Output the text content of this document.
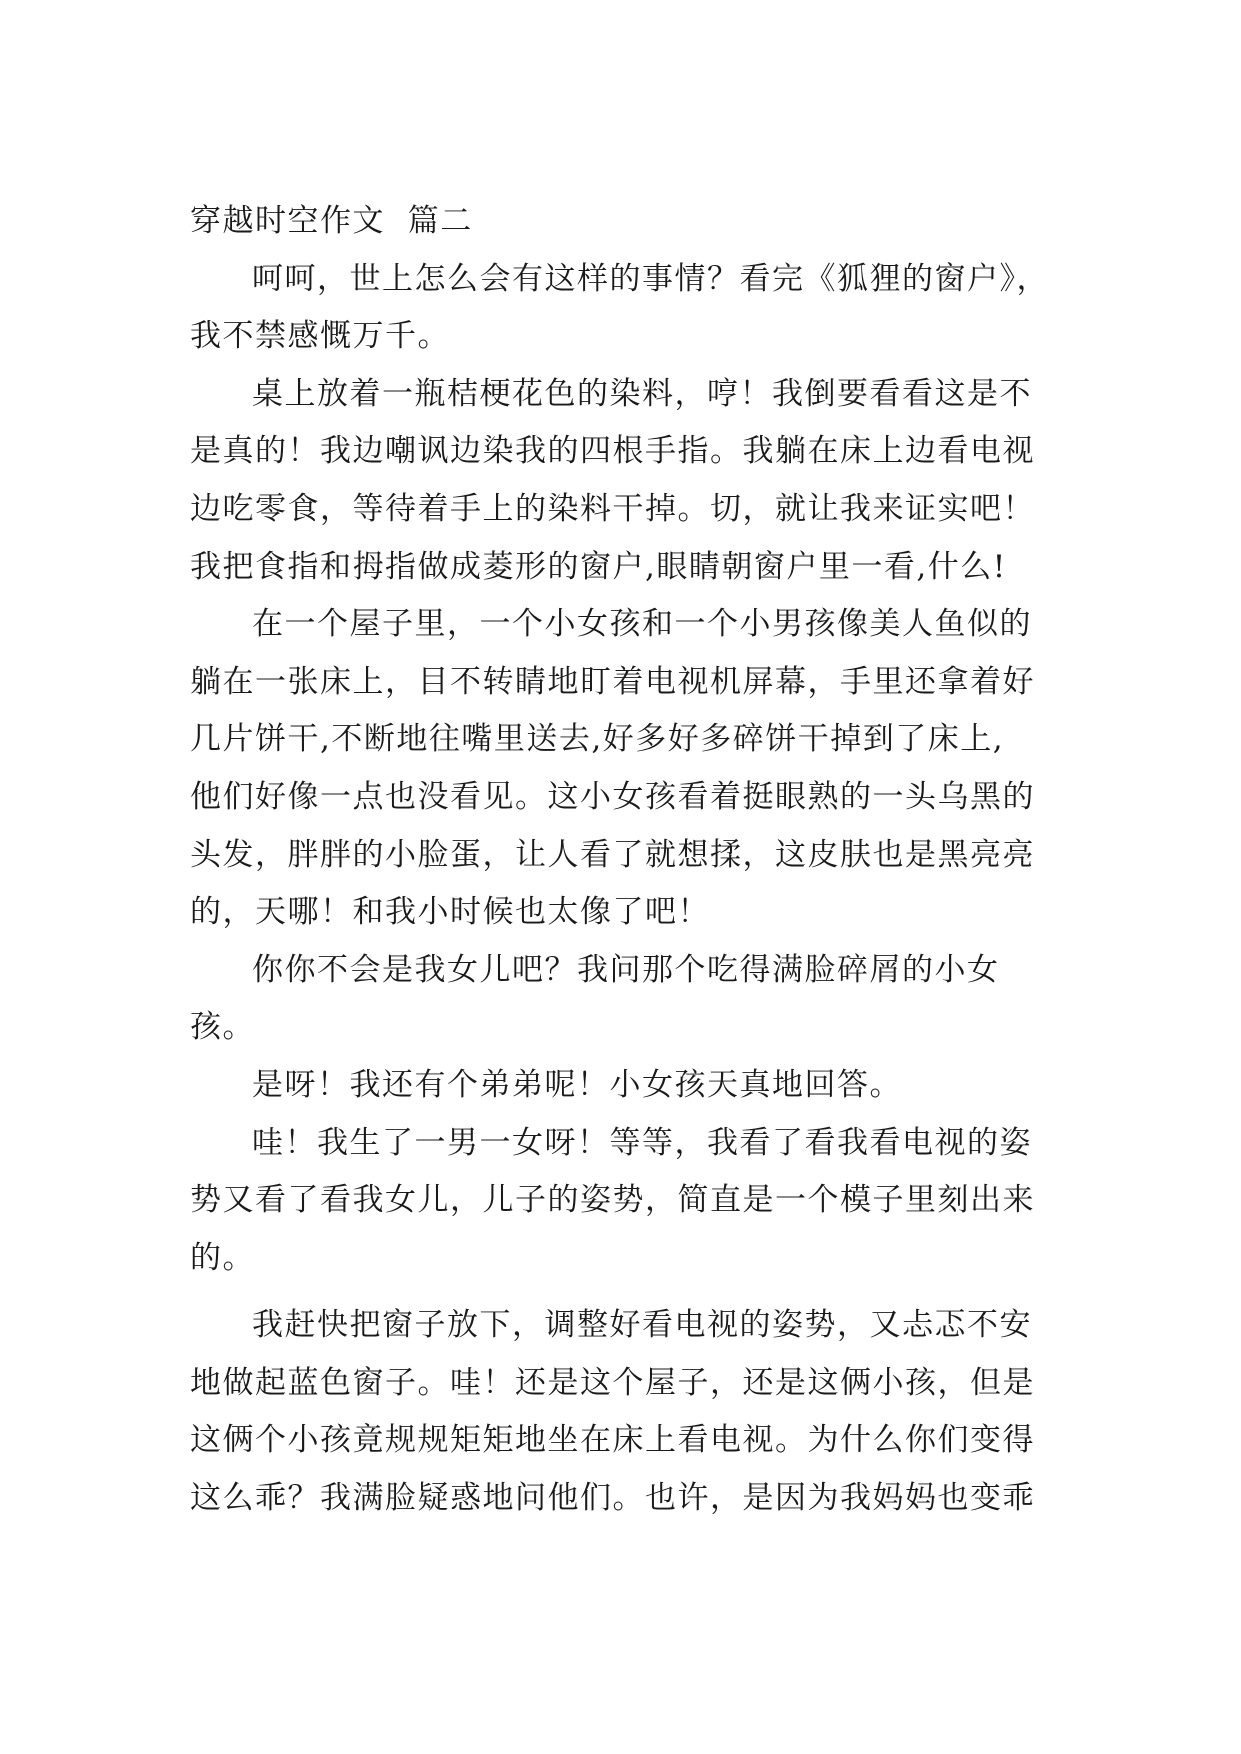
穿越时空作文  篇二

呵呵，世上怎么会有这样的事情？看完《狐狸的窗户》，
我不禁感慨万千。

桌上放着一瓶桔梗花色的染料，哼！我倒要看看这是不
是真的！我边嘲讽边染我的四根手指。我躺在床上边看电视
边吃零食，等待着手上的染料干掉。切，就让我来证实吧！
我把食指和拇指做成菱形的窗户,眼睛朝窗户里一看,什么!

在一个屋子里，一个小女孩和一个小男孩像美人鱼似的
躺在一张床上，目不转睛地盯着电视机屏幕，手里还拿着好
几片饼干,不断地往嘴里送去,好多好多碎饼干掉到了床上,
他们好像一点也没看见。这小女孩看着挺眼熟的一头乌黑的
头发，胖胖的小脸蛋，让人看了就想揉，这皮肤也是黑亮亮
的，天哪！和我小时候也太像了吧！

你你不会是我女儿吧？我问那个吃得满脸碎屑的小女
孩。

是呀！我还有个弟弟呢！小女孩天真地回答。

哇！我生了一男一女呀！等等，我看了看我看电视的姿
势又看了看我女儿，儿子的姿势，简直是一个模子里刻出来
的。

我赶快把窗子放下，调整好看电视的姿势，又忐忑不安
地做起蓝色窗子。哇！还是这个屋子，还是这俩小孩，但是
这俩个小孩竟规规矩矩地坐在床上看电视。为什么你们变得
这么乖？我满脸疑惑地问他们。也许，是因为我妈妈也变乖
